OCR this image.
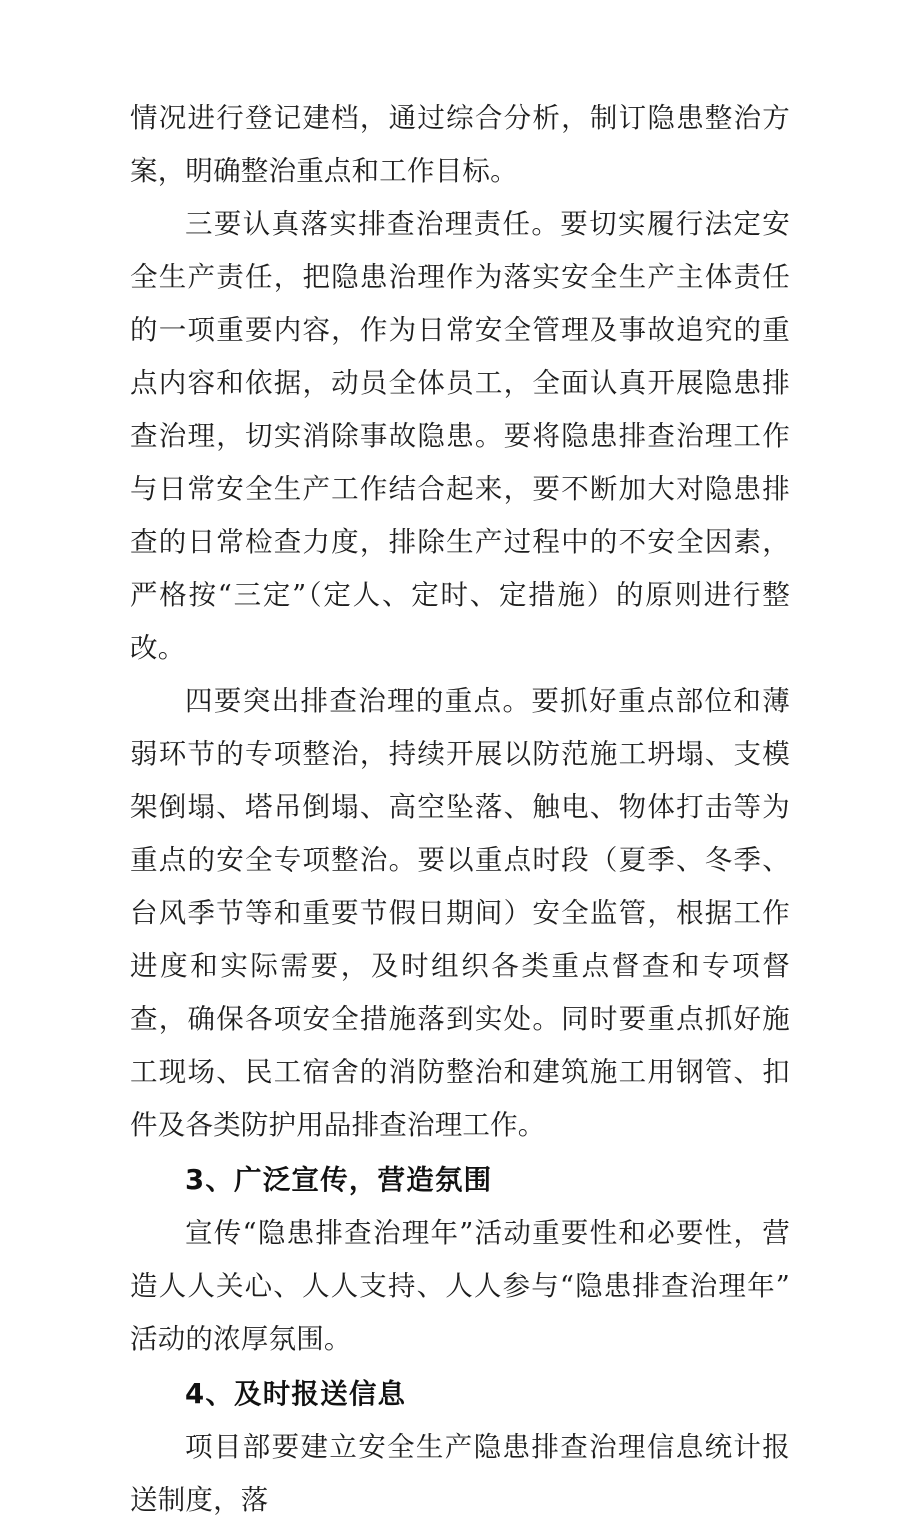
情况进行登记建档，通过综合分析，制订隐患整治方案，明确整治重点和工作目标。

三要认真落实排查治理责任。要切实履行法定安全生产责任，把隐患治理作为落实安全生产主体责任的一项重要内容，作为日常安全管理及事故追究的重点内容和依据，动员全体员工，全面认真开展隐患排查治理，切实消除事故隐患。要将隐患排查治理工作与日常安全生产工作结合起来，要不断加大对隐患排查的日常检查力度，排除生产过程中的不安全因素，严格按“三定”（定人、定时、定措施）的原则进行整改。

四要突出排查治理的重点。要抓好重点部位和薄弱环节的专项整治，持续开展以防范施工坍塌、支模架倒塌、塔吊倒塌、高空坠落、触电、物体打击等为重点的安全专项整治。要以重点时段（夏季、冬季、台风季节等和重要节假日期间）安全监管，根据工作进度和实际需要，及时组织各类重点督查和专项督查，确保各项安全措施落到实处。同时要重点抓好施工现场、民工宿舍的消防整治和建筑施工用钢管、扣件及各类防护用品排查治理工作。

3、广泛宣传，营造氛围

宣传“隐患排查治理年”活动重要性和必要性，营造人人关心、人人支持、人人参与“隐患排查治理年”活动的浓厚氛围。

4、及时报送信息

项目部要建立安全生产隐患排查治理信息统计报送制度，落
